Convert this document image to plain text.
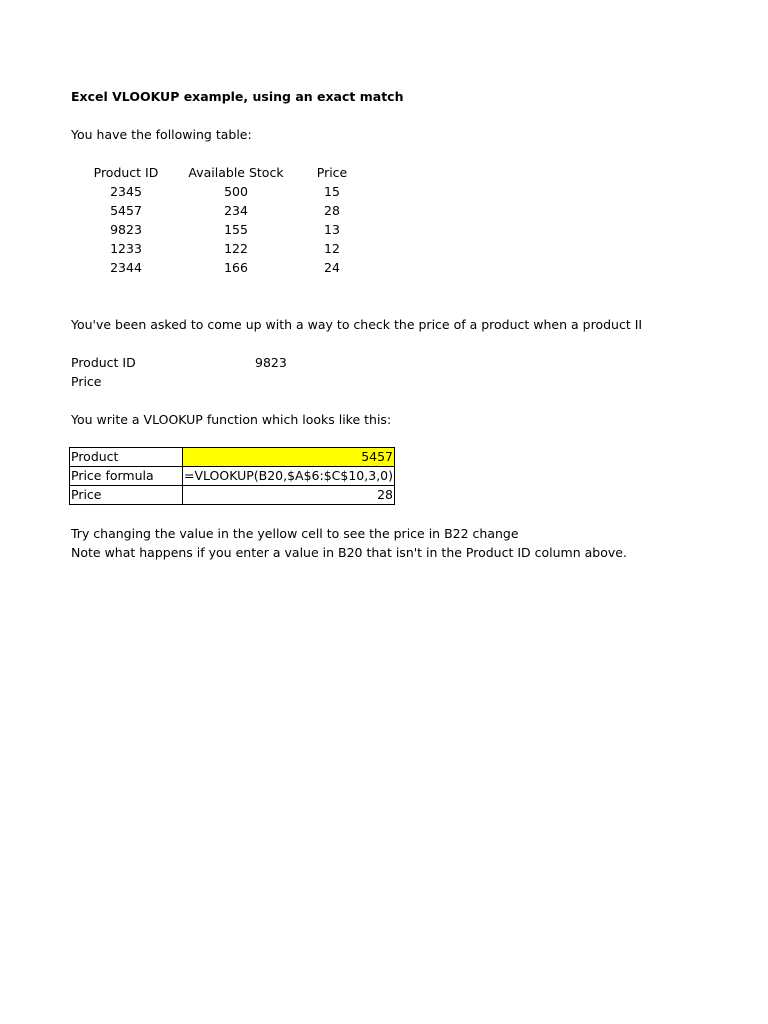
Excel VLOOKUP example, using an exact match
You have the following table:
Product ID	Available Stock	Price
2345	500	15
5457	234	28
9823	155	13
1233	122	12
2344	166	24
You've been asked to come up with a way to check the price of a product when a product II
Product ID	9823
Price
You write a VLOOKUP function which looks like this:
Product	5457
Price formula	=VLOOKUP(B20,$A$6:$C$10,3,0)
Price	28
Try changing the value in the yellow cell to see the price in B22 change
Note what happens if you enter a value in B20 that isn't in the Product ID column above.
